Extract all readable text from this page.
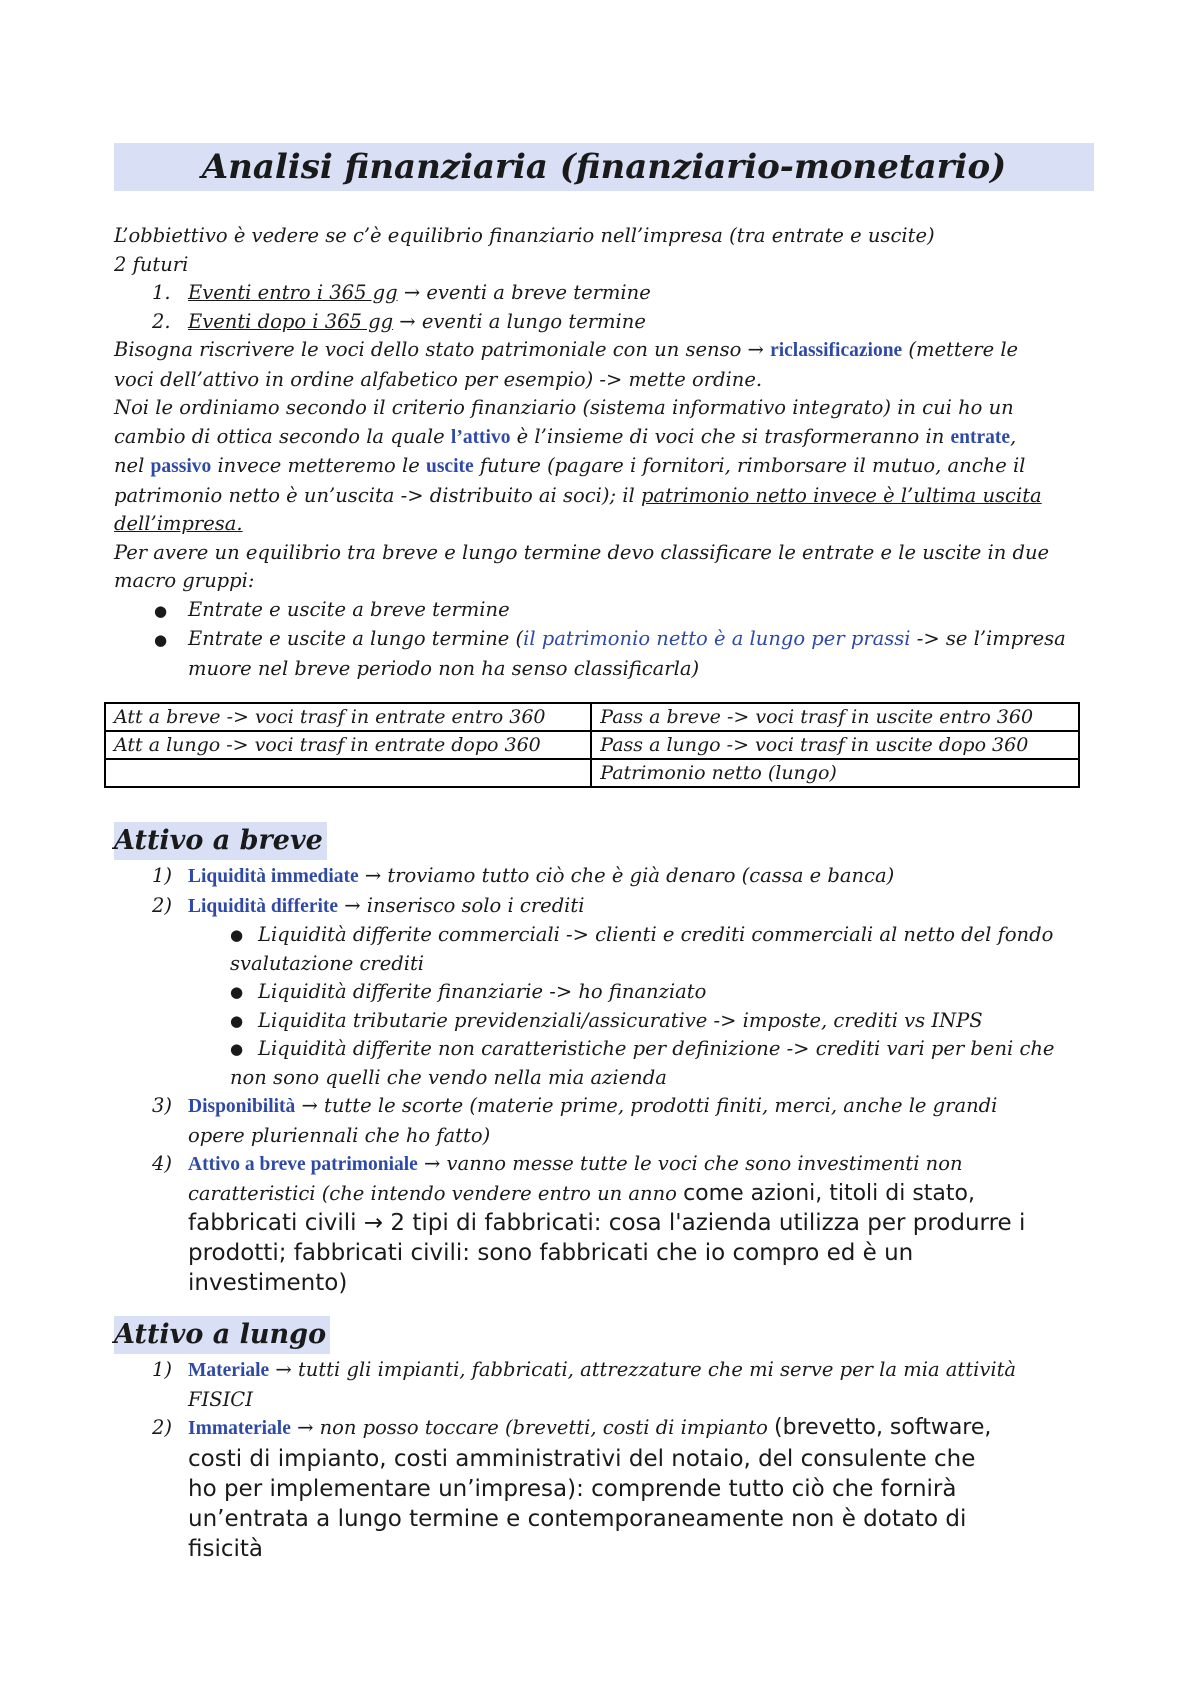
Analisi finanziaria (finanziario-monetario)
L’obbiettivo è vedere se c’è equilibrio finanziario nell’impresa (tra entrate e uscite)
2 futuri
1. Eventi entro i 365 gg → eventi a breve termine
2. Eventi dopo i 365 gg → eventi a lungo termine
Bisogna riscrivere le voci dello stato patrimoniale con un senso → riclassificazione (mettere le
voci dell’attivo in ordine alfabetico per esempio) -> mette ordine.
Noi le ordiniamo secondo il criterio finanziario (sistema informativo integrato) in cui ho un
cambio di ottica secondo la quale l’attivo è l’insieme di voci che si trasformeranno in entrate,
nel passivo invece metteremo le uscite future (pagare i fornitori, rimborsare il mutuo, anche il
patrimonio netto è un’uscita -> distribuito ai soci); il patrimonio netto invece è l’ultima uscita
dell’impresa.
Per avere un equilibrio tra breve e lungo termine devo classificare le entrate e le uscite in due
macro gruppi:
● Entrate e uscite a breve termine
● Entrate e uscite a lungo termine (il patrimonio netto è a lungo per prassi -> se l’impresa
muore nel breve periodo non ha senso classificarla)
Att a breve -> voci trasf in entrate entro 360	Pass a breve -> voci trasf in uscite entro 360
Att a lungo -> voci trasf in entrate dopo 360	Pass a lungo -> voci trasf in uscite dopo 360
	Patrimonio netto (lungo)
Attivo a breve
1) Liquidità immediate → troviamo tutto ciò che è già denaro (cassa e banca)
2) Liquidità differite → inserisco solo i crediti
● Liquidità differite commerciali -> clienti e crediti commerciali al netto del fondo
svalutazione crediti
● Liquidità differite finanziarie -> ho finanziato
● Liquidita tributarie previdenziali/assicurative -> imposte, crediti vs INPS
● Liquidità differite non caratteristiche per definizione -> crediti vari per beni che
non sono quelli che vendo nella mia azienda
3) Disponibilità → tutte le scorte (materie prime, prodotti finiti, merci, anche le grandi
opere pluriennali che ho fatto)
4) Attivo a breve patrimoniale → vanno messe tutte le voci che sono investimenti non
caratteristici (che intendo vendere entro un anno come azioni, titoli di stato,
fabbricati civili → 2 tipi di fabbricati: cosa l'azienda utilizza per produrre i
prodotti; fabbricati civili: sono fabbricati che io compro ed è un
investimento)
Attivo a lungo
1) Materiale → tutti gli impianti, fabbricati, attrezzature che mi serve per la mia attività
FISICI
2) Immateriale → non posso toccare (brevetti, costi di impianto (brevetto, software,
costi di impianto, costi amministrativi del notaio, del consulente che
ho per implementare un’impresa): comprende tutto ciò che fornirà
un’entrata a lungo termine e contemporaneamente non è dotato di
fisicità
